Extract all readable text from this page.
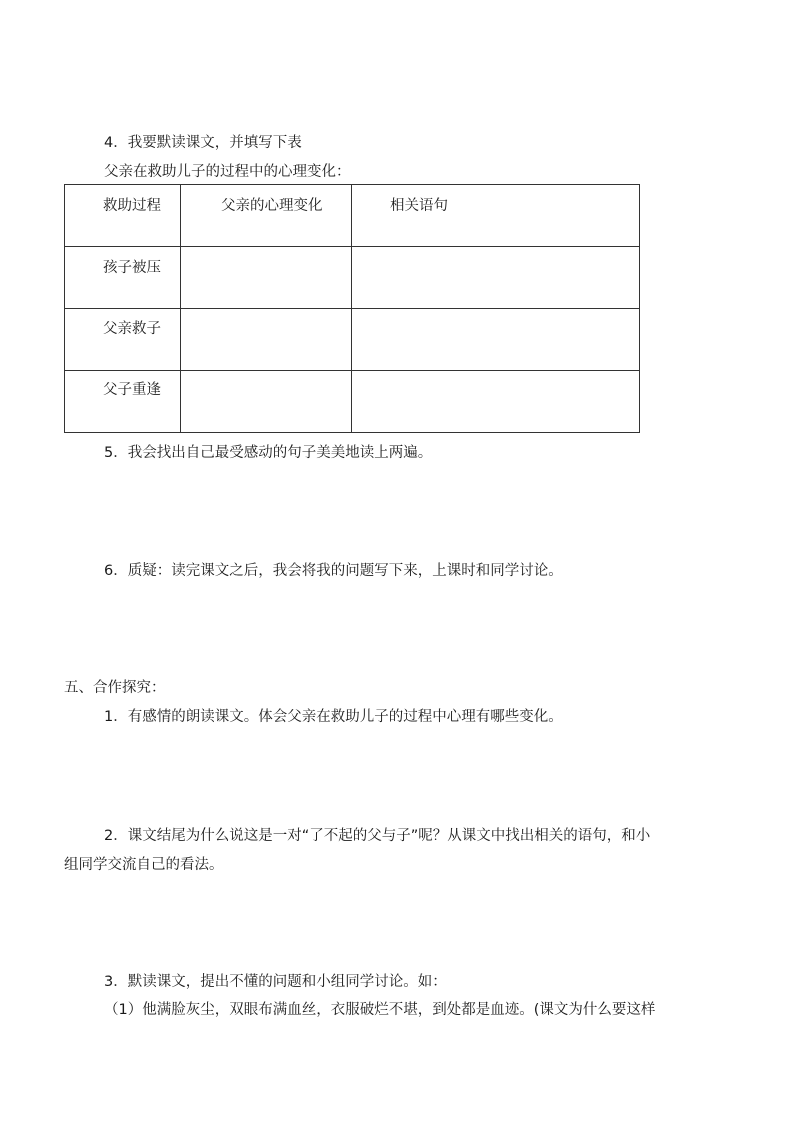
4．我要默读课文，并填写下表
父亲在救助儿子的过程中的心理变化：
救助过程	父亲的心理变化	相关语句
孩子被压
父亲救子
父子重逢
5．我会找出自己最受感动的句子美美地读上两遍。
6．质疑：读完课文之后，我会将我的问题写下来，上课时和同学讨论。
五、合作探究：
1．有感情的朗读课文。体会父亲在救助儿子的过程中心理有哪些变化。
2．课文结尾为什么说这是一对“了不起的父与子”呢？从课文中找出相关的语句，和小
组同学交流自己的看法。
3．默读课文，提出不懂的问题和小组同学讨论。如：
（1）他满脸灰尘，双眼布满血丝，衣服破烂不堪，到处都是血迹。(课文为什么要这样
